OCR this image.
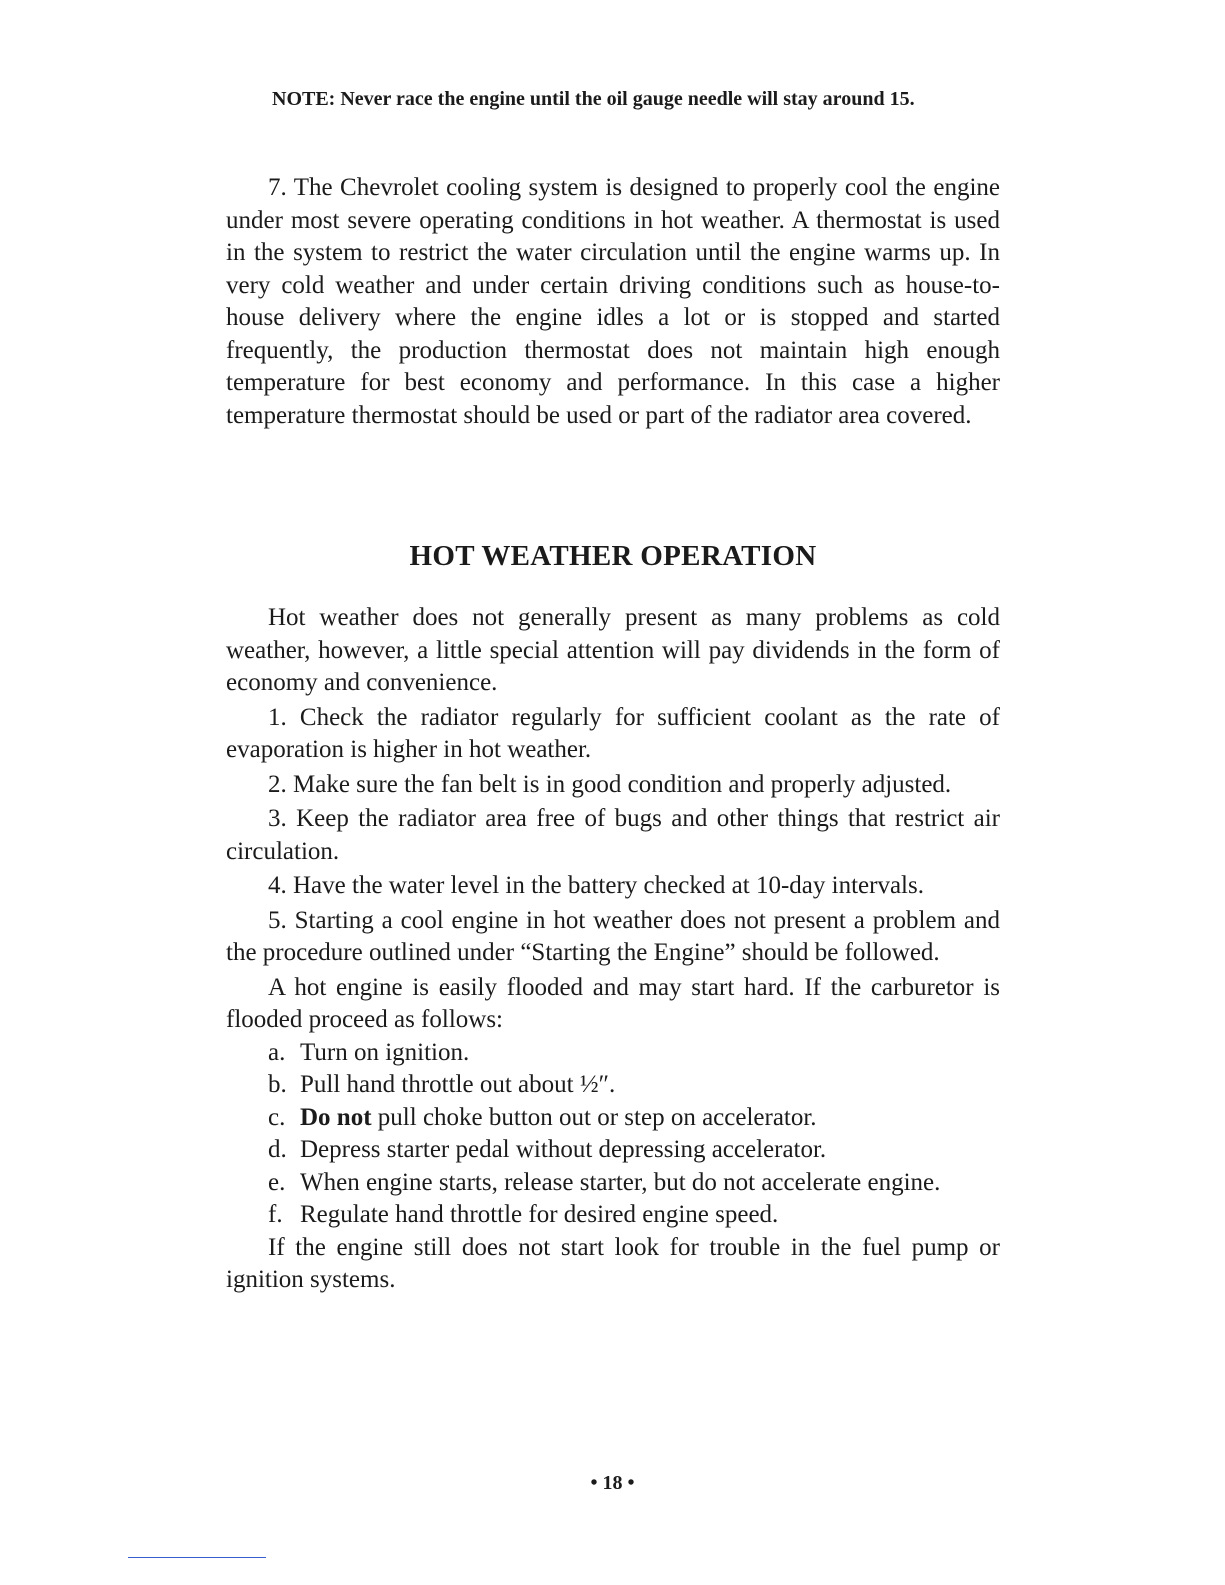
NOTE: Never race the engine until the oil gauge needle will stay around 15.

7. The Chevrolet cooling system is designed to properly cool the engine under most severe operating conditions in hot weather. A thermostat is used in the system to restrict the water circulation until the engine warms up. In very cold weather and under certain driving conditions such as house-to-house delivery where the engine idles a lot or is stopped and started frequently, the production thermostat does not maintain high enough temperature for best economy and performance. In this case a higher temperature thermostat should be used or part of the radiator area covered.

HOT WEATHER OPERATION

Hot weather does not generally present as many problems as cold weather, however, a little special attention will pay dividends in the form of economy and convenience.

1. Check the radiator regularly for sufficient coolant as the rate of evaporation is higher in hot weather.

2. Make sure the fan belt is in good condition and properly adjusted.

3. Keep the radiator area free of bugs and other things that restrict air circulation.

4. Have the water level in the battery checked at 10-day intervals.

5. Starting a cool engine in hot weather does not present a problem and the procedure outlined under “Starting the Engine” should be followed.

A hot engine is easily flooded and may start hard. If the carburetor is flooded proceed as follows:

a. Turn on ignition.
b. Pull hand throttle out about ½″.
c. Do not pull choke button out or step on accelerator.
d. Depress starter pedal without depressing accelerator.
e. When engine starts, release starter, but do not accelerate engine.
f. Regulate hand throttle for desired engine speed.

If the engine still does not start look for trouble in the fuel pump or ignition systems.

• 18 •
